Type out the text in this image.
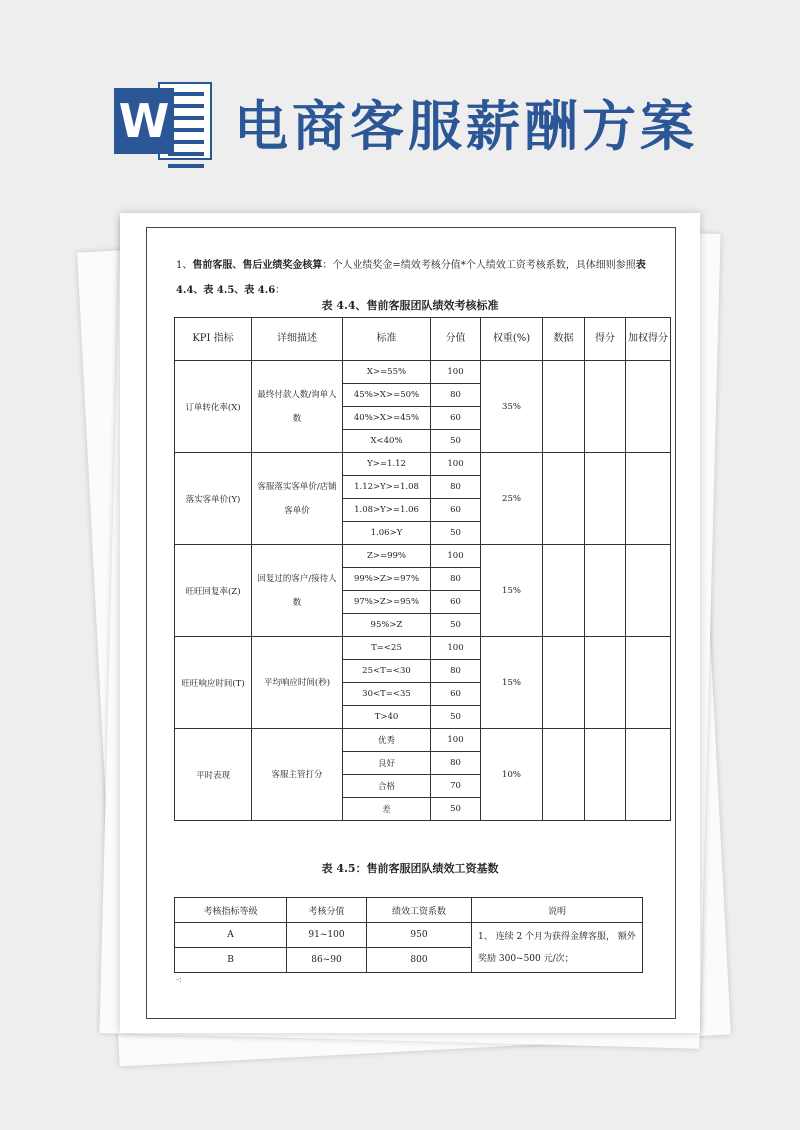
W 电商客服薪酬方案
1、售前客服、售后业绩奖金核算：个人业绩奖金=绩效考核分值*个人绩效工资考核系数，具体细则参照表 4.4、表 4.5、表 4.6：
表 4.4、售前客服团队绩效考核标准
KPI 指标	详细描述	标准	分值	权重(%)	数据	得分	加权得分
订单转化率(X)	最终付款人数/询单人数	X>=55%	100	35%			
		45%>X>=50%	80				
		40%>X>=45%	60				
		X<40%	50				
落实客单价(Y)	客服落实客单价/店铺客单价	Y>=1.12	100	25%			
		1.12>Y>=1.08	80				
		1.08>Y>=1.06	60				
		1.06>Y	50				
旺旺回复率(Z)	回复过的客户/接待人数	Z>=99%	100	15%			
		99%>Z>=97%	80				
		97%>Z>=95%	60				
		95%>Z	50				
旺旺响应时间(T)	平均响应时间(秒)	T=<25	100	15%			
		25<T=<30	80				
		30<T=<35	60				
		T>40	50				
平时表现	客服主管打分	优秀	100	10%			
		良好	80				
		合格	70				
		差	50				
表 4.5：售前客服团队绩效工资基数
考核指标等级	考核分值	绩效工资系数	说明
A	91~100	950	1、 连续 2 个月为获得金牌客服， 额外奖励 300~500 元/次；
B	86~90	800	
-:
